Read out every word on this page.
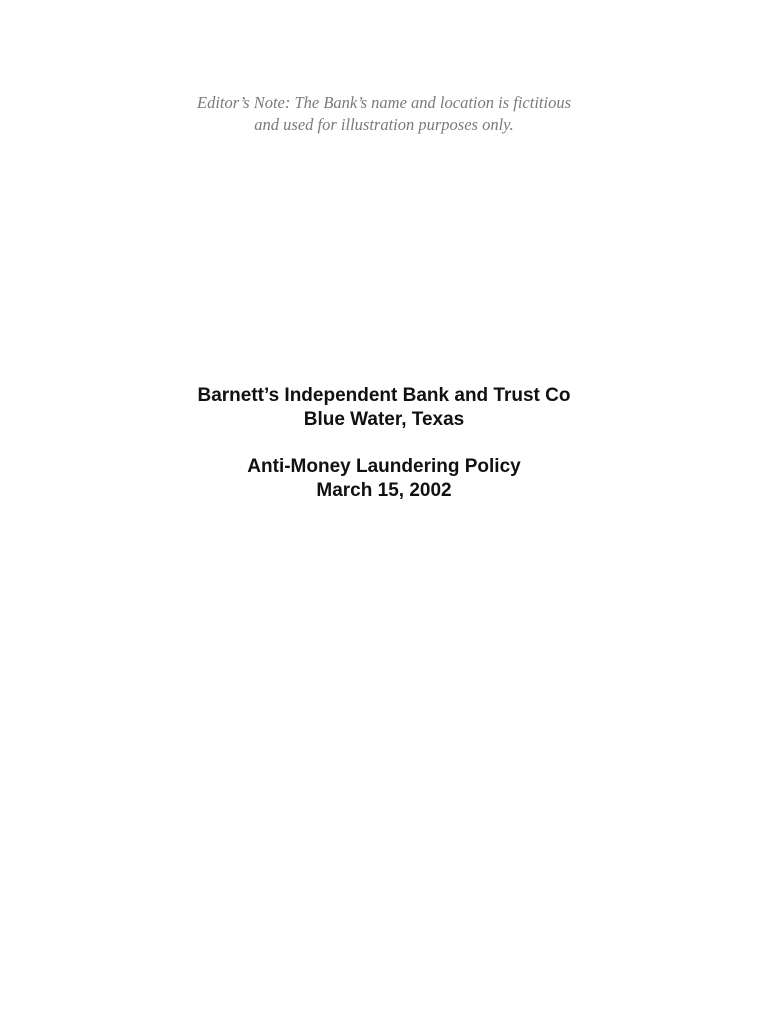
Editor’s Note: The Bank’s name and location is fictitious
and used for illustration purposes only.
Barnett’s Independent Bank and Trust Co
Blue Water, Texas
Anti-Money Laundering Policy
March 15, 2002
